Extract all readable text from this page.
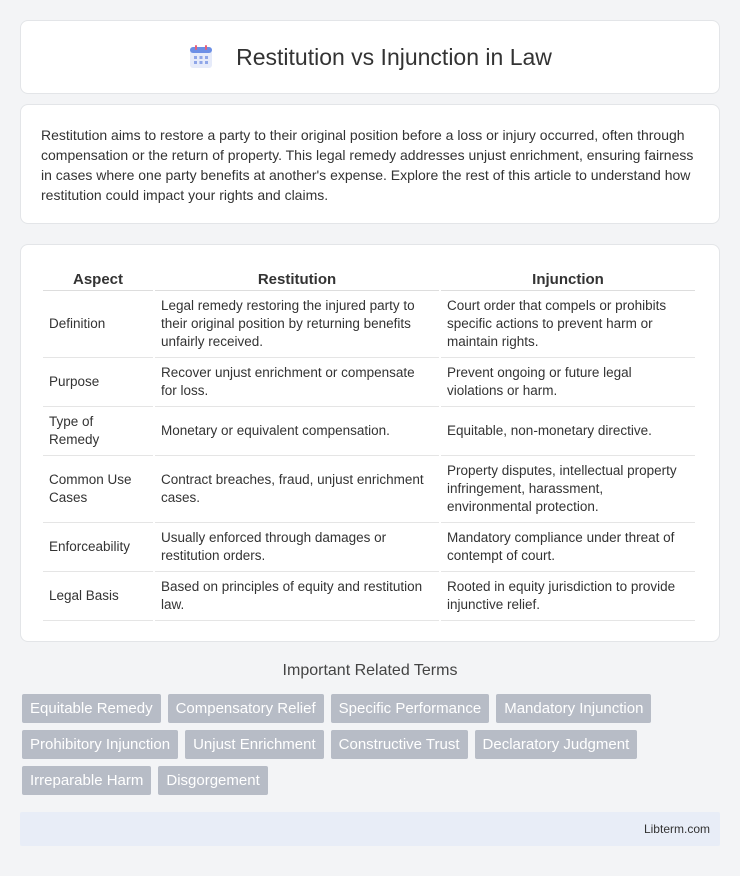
Restitution vs Injunction in Law

Restitution aims to restore a party to their original position before a loss or injury occurred, often through compensation or the return of property. This legal remedy addresses unjust enrichment, ensuring fairness in cases where one party benefits at another's expense. Explore the rest of this article to understand how restitution could impact your rights and claims.

Aspect	Restitution	Injunction
Definition	Legal remedy restoring the injured party to their original position by returning benefits unfairly received.	Court order that compels or prohibits specific actions to prevent harm or maintain rights.
Purpose	Recover unjust enrichment or compensate for loss.	Prevent ongoing or future legal violations or harm.
Type of Remedy	Monetary or equivalent compensation.	Equitable, non-monetary directive.
Common Use Cases	Contract breaches, fraud, unjust enrichment cases.	Property disputes, intellectual property infringement, harassment, environmental protection.
Enforceability	Usually enforced through damages or restitution orders.	Mandatory compliance under threat of contempt of court.
Legal Basis	Based on principles of equity and restitution law.	Rooted in equity jurisdiction to provide injunctive relief.
Important Related Terms
Equitable Remedy	Compensatory Relief	Specific Performance	Mandatory Injunction
Prohibitory Injunction	Unjust Enrichment	Constructive Trust	Declaratory Judgment
Irreparable Harm	Disgorgement
Libterm.com
